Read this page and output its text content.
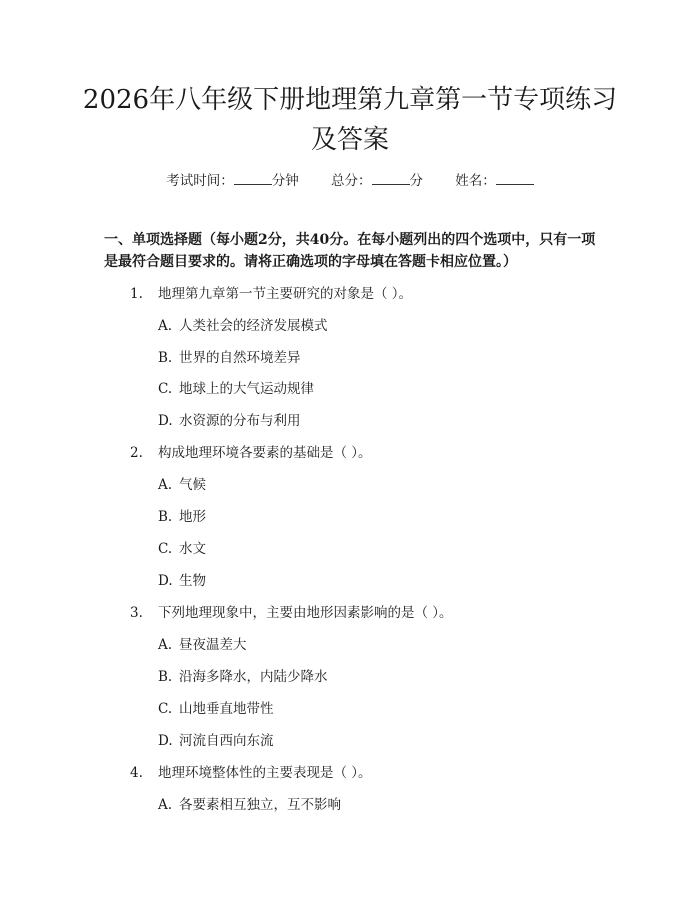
2026年八年级下册地理第九章第一节专项练习及答案
考试时间：	分钟 总分：	分 姓名：
一、单项选择题（每小题2分，共40分。在每小题列出的四个选项中，只有一项是最符合题目要求的。请将正确选项的字母填在答题卡相应位置。）
1. 地理第九章第一节主要研究的对象是（ ）。
A. 人类社会的经济发展模式
B. 世界的自然环境差异
C. 地球上的大气运动规律
D. 水资源的分布与利用
2. 构成地理环境各要素的基础是（ ）。
A. 气候
B. 地形
C. 水文
D. 生物
3. 下列地理现象中，主要由地形因素影响的是（ ）。
A. 昼夜温差大
B. 沿海多降水，内陆少降水
C. 山地垂直地带性
D. 河流自西向东流
4. 地理环境整体性的主要表现是（ ）。
A. 各要素相互独立，互不影响
